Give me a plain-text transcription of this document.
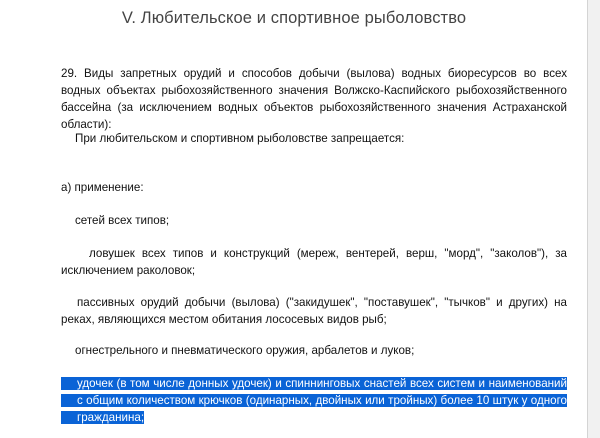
V. Любительское и спортивное рыболовство
29. Виды запретных орудий и способов добычи (вылова) водных биоресурсов во всех водных объектах рыбохозяйственного значения Волжско-Каспийского рыбохозяйственного бассейна (за исключением водных объектов рыбохозяйственного значения Астраханской области):
При любительском и спортивном рыболовстве запрещается:
а) применение:
сетей всех типов;
ловушек всех типов и конструкций (мереж, вентерей, верш, "морд", "заколов"), за исключением раколовок;
пассивных орудий добычи (вылова) ("закидушек", "поставушек", "тычков" и других) на реках, являющихся местом обитания лососевых видов рыб;
огнестрельного и пневматического оружия, арбалетов и луков;
удочек (в том числе донных удочек) и спиннинговых снастей всех систем и наименований с общим количеством крючков (одинарных, двойных или тройных) более 10 штук у одного гражданина;
